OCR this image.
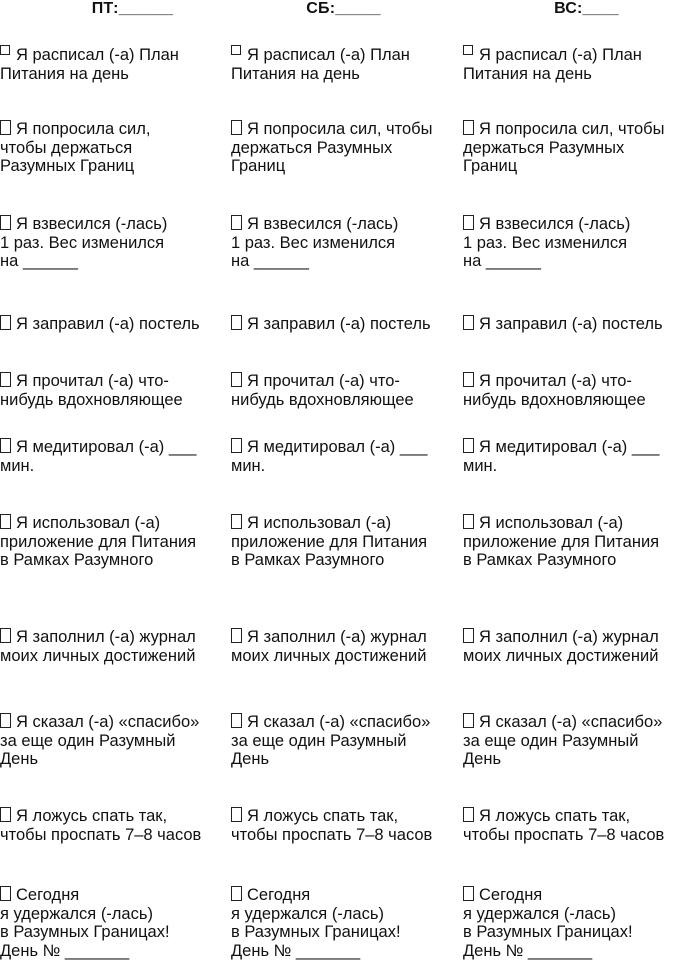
ПТ:______
Я расписал (-а) План
Питания на день
Я попросила сил,
чтобы держаться
Разумных Границ
Я взвесился (-лась)
1 раз. Вес изменился
на ______
Я заправил (-а) постель
Я прочитал (-а) что-
нибудь вдохновляющее
Я медитировал (-а) ___
мин.
Я использовал (-а)
приложение для Питания
в Рамках Разумного
Я заполнил (-а) журнал
моих личных достижений
Я сказал (-а) «спасибо»
за еще один Разумный
День
Я ложусь спать так,
чтобы проспать 7–8 часов
Сегодня
я удержался (-лась)
в Разумных Границах!
День № _______
СБ:_____
Я расписал (-а) План
Питания на день
Я попросила сил, чтобы
держаться Разумных
Границ
Я взвесился (-лась)
1 раз. Вес изменился
на ______
Я заправил (-а) постель
Я прочитал (-а) что-
нибудь вдохновляющее
Я медитировал (-а) ___
мин.
Я использовал (-а)
приложение для Питания
в Рамках Разумного
Я заполнил (-а) журнал
моих личных достижений
Я сказал (-а) «спасибо»
за еще один Разумный
День
Я ложусь спать так,
чтобы проспать 7–8 часов
Сегодня
я удержался (-лась)
в Разумных Границах!
День № _______
ВС:____
Я расписал (-а) План
Питания на день
Я попросила сил, чтобы
держаться Разумных
Границ
Я взвесился (-лась)
1 раз. Вес изменился
на ______
Я заправил (-а) постель
Я прочитал (-а) что-
нибудь вдохновляющее
Я медитировал (-а) ___
мин.
Я использовал (-а)
приложение для Питания
в Рамках Разумного
Я заполнил (-а) журнал
моих личных достижений
Я сказал (-а) «спасибо»
за еще один Разумный
День
Я ложусь спать так,
чтобы проспать 7–8 часов
Сегодня
я удержался (-лась)
в Разумных Границах!
День № _______
